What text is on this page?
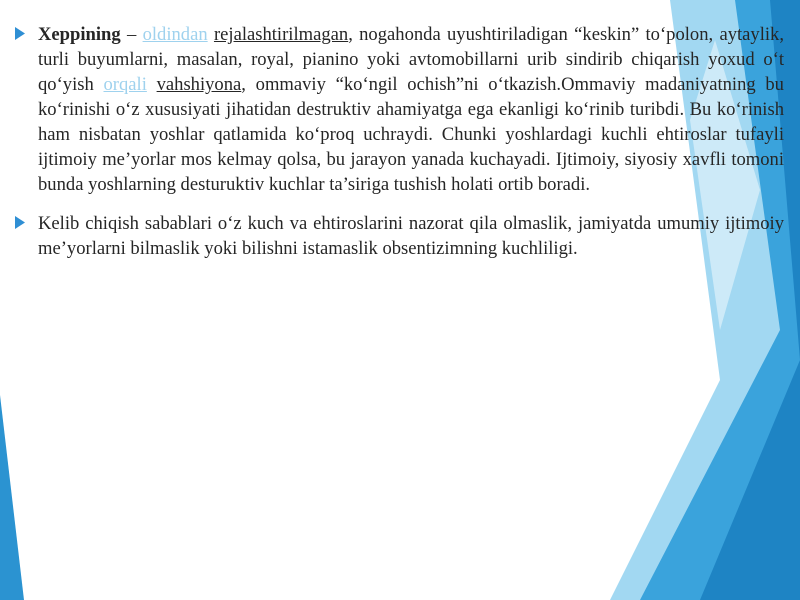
Xeppining – oldindan rejalashtirilmagan, nogahonda uyushtiriladigan “keskin” to‘polon, aytaylik, turli buyumlarni, masalan, royal, pianino yoki avtomobillarni urib sindirib chiqarish yoxud o‘t qo‘yish orqali vahshiyona, ommaviy “ko‘ngil ochish”ni o‘tkazish.Ommaviy madaniyatning bu ko‘rinishi o‘z xususiyati jihatidan destruktiv ahamiyatga ega ekanligi ko‘rinib turibdi. Bu ko‘rinish ham nisbatan yoshlar qatlamida ko‘proq uchraydi. Chunki yoshlardagi kuchli ehtiroslar tufayli ijtimoiy me’yorlar mos kelmay qolsa, bu jarayon yanada kuchayadi. Ijtimoiy, siyosiy xavfli tomoni bunda yoshlarning desturuktiv kuchlar ta’siriga tushish holati ortib boradi.

Kelib chiqish sabablari o‘z kuch va ehtiroslarini nazorat qila olmaslik, jamiyatda umumiy ijtimoiy me’yorlarni bilmaslik yoki bilishni istamaslik obsentizimning kuchliligi.
